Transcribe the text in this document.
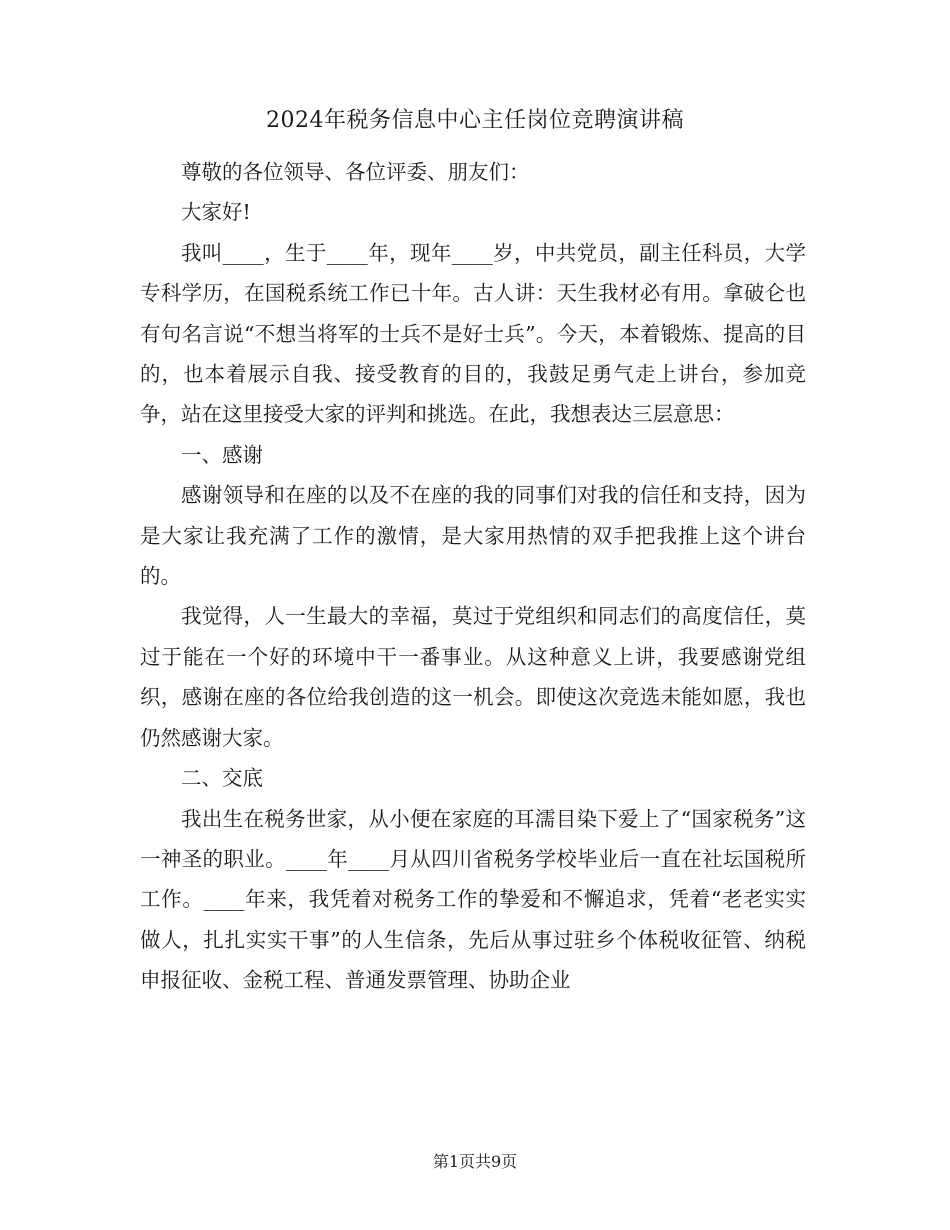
2024年税务信息中心主任岗位竞聘演讲稿

尊敬的各位领导、各位评委、朋友们：

大家好!

我叫____，生于____年，现年____岁，中共党员，副主任科员，大学专科学历，在国税系统工作已十年。古人讲：天生我材必有用。拿破仑也有句名言说“不想当将军的士兵不是好士兵”。今天，本着锻炼、提高的目的，也本着展示自我、接受教育的目的，我鼓足勇气走上讲台，参加竞争，站在这里接受大家的评判和挑选。在此，我想表达三层意思：

一、感谢

感谢领导和在座的以及不在座的我的同事们对我的信任和支持，因为是大家让我充满了工作的激情，是大家用热情的双手把我推上这个讲台的。

我觉得，人一生最大的幸福，莫过于党组织和同志们的高度信任，莫过于能在一个好的环境中干一番事业。从这种意义上讲，我要感谢党组织，感谢在座的各位给我创造的这一机会。即使这次竞选未能如愿，我也仍然感谢大家。

二、交底

我出生在税务世家，从小便在家庭的耳濡目染下爱上了“国家税务”这一神圣的职业。____年____月从四川省税务学校毕业后一直在社坛国税所工作。____年来，我凭着对税务工作的挚爱和不懈追求，凭着“老老实实做人，扎扎实实干事”的人生信条，先后从事过驻乡个体税收征管、纳税申报征收、金税工程、普通发票管理、协助企业

第1页共9页
